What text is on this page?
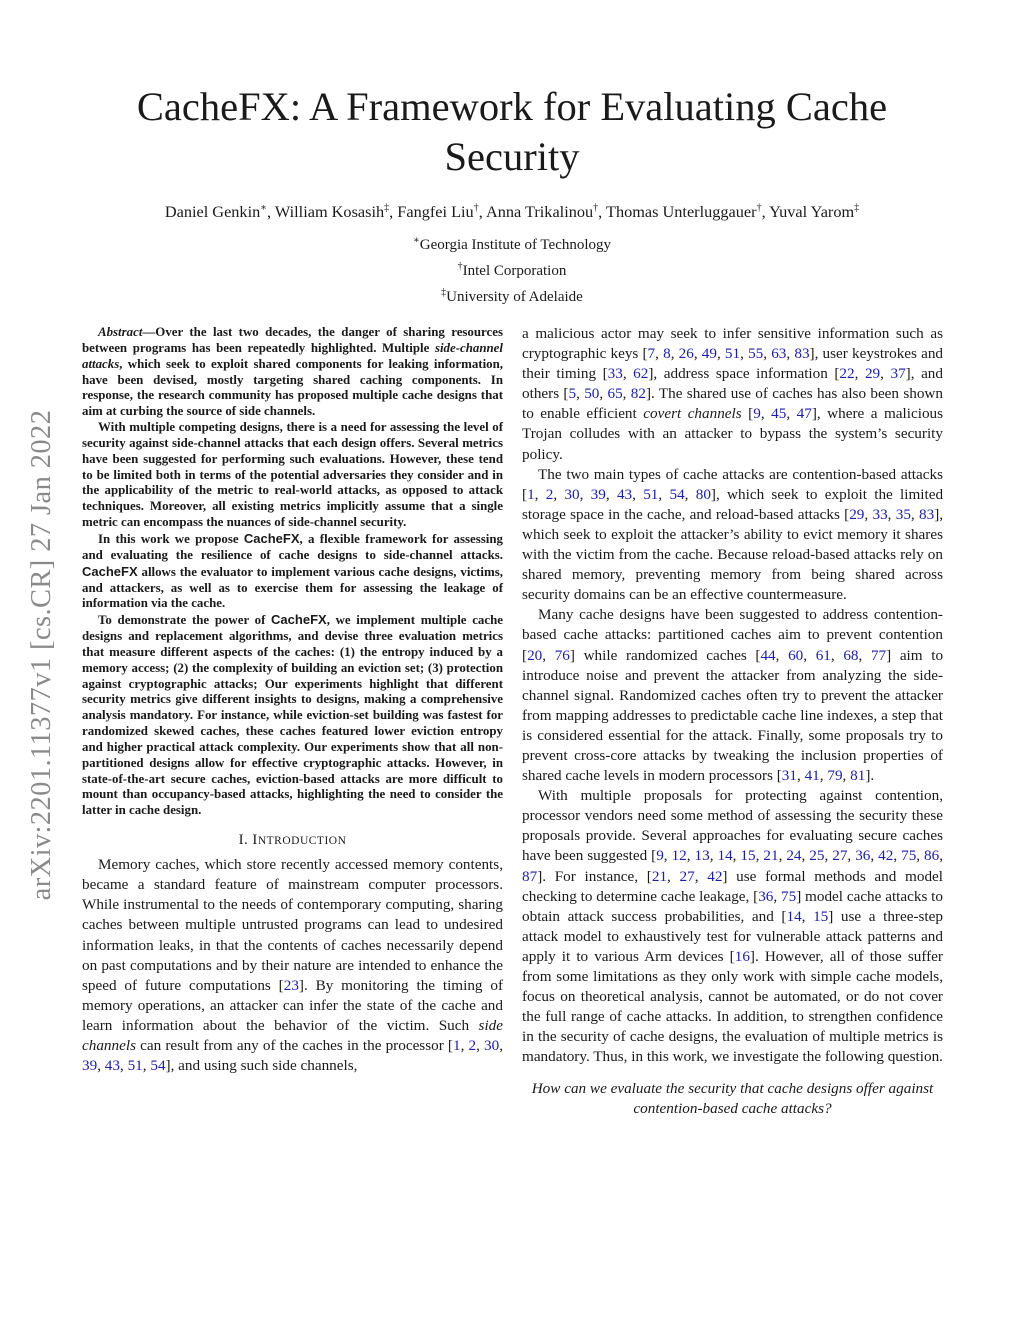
arXiv:2201.11377v1 [cs.CR] 27 Jan 2022
CacheFX: A Framework for Evaluating Cache Security
Daniel Genkin∗, William Kosasih‡, Fangfei Liu†, Anna Trikalinou†, Thomas Unterluggauer†, Yuval Yarom‡
∗Georgia Institute of Technology
†Intel Corporation
‡University of Adelaide

Abstract—Over the last two decades, the danger of sharing resources between programs has been repeatedly highlighted. Multiple side-channel attacks, which seek to exploit shared components for leaking information, have been devised, mostly targeting shared caching components. In response, the research community has proposed multiple cache designs that aim at curbing the source of side channels.

With multiple competing designs, there is a need for assessing the level of security against side-channel attacks that each design offers. Several metrics have been suggested for performing such evaluations. However, these tend to be limited both in terms of the potential adversaries they consider and in the applicability of the metric to real-world attacks, as opposed to attack techniques. Moreover, all existing metrics implicitly assume that a single metric can encompass the nuances of side-channel security.

In this work we propose CacheFX, a flexible framework for assessing and evaluating the resilience of cache designs to side-channel attacks. CacheFX allows the evaluator to implement various cache designs, victims, and attackers, as well as to exercise them for assessing the leakage of information via the cache.

To demonstrate the power of CacheFX, we implement multiple cache designs and replacement algorithms, and devise three evaluation metrics that measure different aspects of the caches: (1) the entropy induced by a memory access; (2) the complexity of building an eviction set; (3) protection against cryptographic attacks; Our experiments highlight that different security metrics give different insights to designs, making a comprehensive analysis mandatory. For instance, while eviction-set building was fastest for randomized skewed caches, these caches featured lower eviction entropy and higher practical attack complexity. Our experiments show that all non-partitioned designs allow for effective cryptographic attacks. However, in state-of-the-art secure caches, eviction-based attacks are more difficult to mount than occupancy-based attacks, highlighting the need to consider the latter in cache design.

I. INTRODUCTION

Memory caches, which store recently accessed memory contents, became a standard feature of mainstream computer processors. While instrumental to the needs of contemporary computing, sharing caches between multiple untrusted programs can lead to undesired information leaks, in that the contents of caches necessarily depend on past computations and by their nature are intended to enhance the speed of future computations [23]. By monitoring the timing of memory operations, an attacker can infer the state of the cache and learn information about the behavior of the victim. Such side channels can result from any of the caches in the processor [1, 2, 30, 39, 43, 51, 54], and using such side channels,

a malicious actor may seek to infer sensitive information such as cryptographic keys [7, 8, 26, 49, 51, 55, 63, 83], user keystrokes and their timing [33, 62], address space information [22, 29, 37], and others [5, 50, 65, 82]. The shared use of caches has also been shown to enable efficient covert channels [9, 45, 47], where a malicious Trojan colludes with an attacker to bypass the system’s security policy.

The two main types of cache attacks are contention-based attacks [1, 2, 30, 39, 43, 51, 54, 80], which seek to exploit the limited storage space in the cache, and reload-based attacks [29, 33, 35, 83], which seek to exploit the attacker’s ability to evict memory it shares with the victim from the cache. Because reload-based attacks rely on shared memory, preventing memory from being shared across security domains can be an effective countermeasure.

Many cache designs have been suggested to address contention-based cache attacks: partitioned caches aim to prevent contention [20, 76] while randomized caches [44, 60, 61, 68, 77] aim to introduce noise and prevent the attacker from analyzing the side-channel signal. Randomized caches often try to prevent the attacker from mapping addresses to predictable cache line indexes, a step that is considered essential for the attack. Finally, some proposals try to prevent cross-core attacks by tweaking the inclusion properties of shared cache levels in modern processors [31, 41, 79, 81].

With multiple proposals for protecting against contention, processor vendors need some method of assessing the security these proposals provide. Several approaches for evaluating secure caches have been suggested [9, 12, 13, 14, 15, 21, 24, 25, 27, 36, 42, 75, 86, 87]. For instance, [21, 27, 42] use formal methods and model checking to determine cache leakage, [36, 75] model cache attacks to obtain attack success probabilities, and [14, 15] use a three-step attack model to exhaustively test for vulnerable attack patterns and apply it to various Arm devices [16]. However, all of those suffer from some limitations as they only work with simple cache models, focus on theoretical analysis, cannot be automated, or do not cover the full range of cache attacks. In addition, to strengthen confidence in the security of cache designs, the evaluation of multiple metrics is mandatory. Thus, in this work, we investigate the following question.

How can we evaluate the security that cache designs offer against contention-based cache attacks?
